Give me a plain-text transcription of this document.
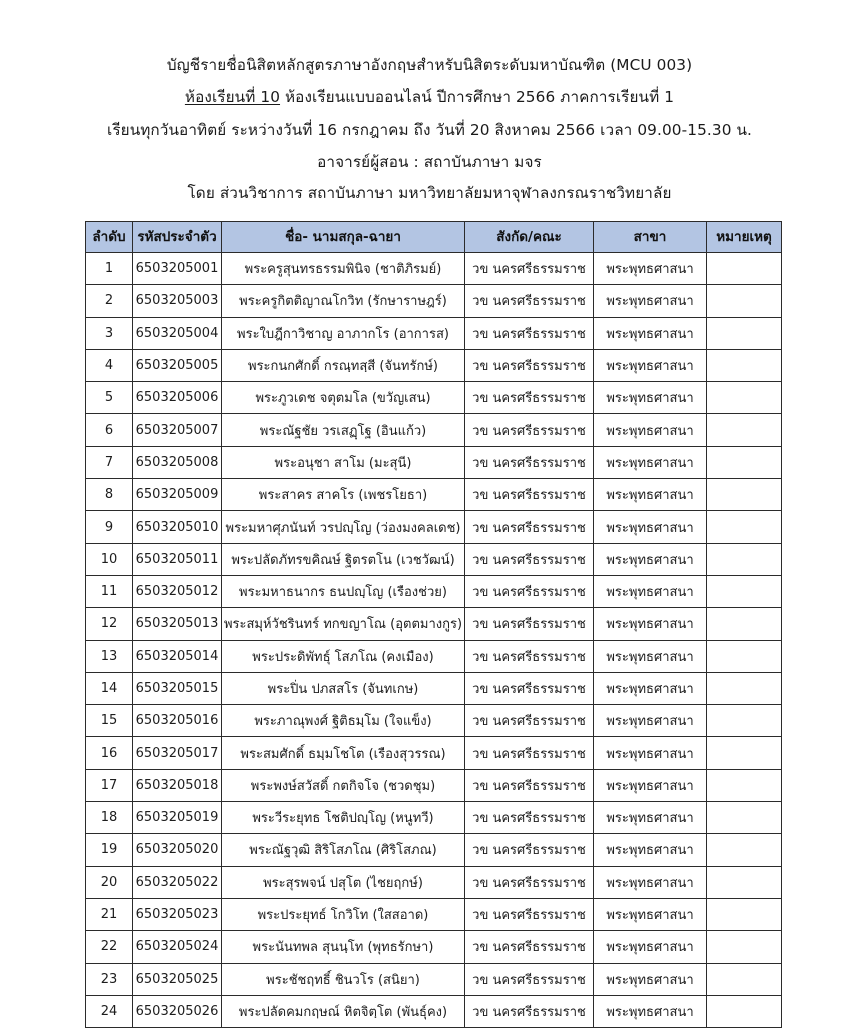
บัญชีรายชื่อนิสิตหลักสูตรภาษาอังกฤษสำหรับนิสิตระดับมหาบัณฑิต (MCU 003)
ห้องเรียนที่ 10 ห้องเรียนแบบออนไลน์ ปีการศึกษา 2566 ภาคการเรียนที่ 1
เรียนทุกวันอาทิตย์ ระหว่างวันที่ 16 กรกฎาคม ถึง วันที่ 20 สิงหาคม 2566 เวลา 09.00-15.30 น.
อาจารย์ผู้สอน : สถาบันภาษา มจร
โดย ส่วนวิชาการ สถาบันภาษา มหาวิทยาลัยมหาจุฬาลงกรณราชวิทยาลัย
ลำดับ	รหัสประจำตัว	ชื่อ- นามสกุล-ฉายา	สังกัด/คณะ	สาขา	หมายเหตุ
1	6503205001	พระครูสุนทรธรรมพินิจ (ชาติภิรมย์)	วข นครศรีธรรมราช	พระพุทธศาสนา	
2	6503205003	พระครูกิตติญาณโกวิท (รักษาราษฎร์)	วข นครศรีธรรมราช	พระพุทธศาสนา	
3	6503205004	พระใบฎีกาวิชาญ อาภากโร (อาการส)	วข นครศรีธรรมราช	พระพุทธศาสนา	
4	6503205005	พระกนกศักดิ์ กรณฺทสฺสี (จันทรักษ์)	วข นครศรีธรรมราช	พระพุทธศาสนา	
5	6503205006	พระภูวเดช จตุตมโล (ขวัญเสน)	วข นครศรีธรรมราช	พระพุทธศาสนา	
6	6503205007	พระณัฐชัย วรเสฏฺโฐ (อินแก้ว)	วข นครศรีธรรมราช	พระพุทธศาสนา	
7	6503205008	พระอนุชา สาโม (มะสุนี)	วข นครศรีธรรมราช	พระพุทธศาสนา	
8	6503205009	พระสาคร สาคโร (เพชรโยธา)	วข นครศรีธรรมราช	พระพุทธศาสนา	
9	6503205010	พระมหาศุภนันท์ วรปญฺโญ (ว่องมงคลเดช)	วข นครศรีธรรมราช	พระพุทธศาสนา	
10	6503205011	พระปลัดภัทรขคิณษ์ ฐิตรตโน (เวชวัฒน์)	วข นครศรีธรรมราช	พระพุทธศาสนา	
11	6503205012	พระมหาธนากร ธนปญฺโญ (เรืองช่วย)	วข นครศรีธรรมราช	พระพุทธศาสนา	
12	6503205013	พระสมุห์วัชรินทร์ ทกขญาโณ (อุตตมางกูร)	วข นครศรีธรรมราช	พระพุทธศาสนา	
13	6503205014	พระประดิพัทธุ์ โสภโณ (คงเมือง)	วข นครศรีธรรมราช	พระพุทธศาสนา	
14	6503205015	พระปิ่น ปภสสโร (จันทเกษ)	วข นครศรีธรรมราช	พระพุทธศาสนา	
15	6503205016	พระภาณุพงศ์ ฐิติธมฺโม (ใจแข็ง)	วข นครศรีธรรมราช	พระพุทธศาสนา	
16	6503205017	พระสมศักดิ์ ธมฺมโชโต (เรืองสุวรรณ)	วข นครศรีธรรมราช	พระพุทธศาสนา	
17	6503205018	พระพงษ์สวัสดิ์ กตกิจโจ (ชวดชุม)	วข นครศรีธรรมราช	พระพุทธศาสนา	
18	6503205019	พระวีระยุทธ โชติปญฺโญ (หนูทวี)	วข นครศรีธรรมราช	พระพุทธศาสนา	
19	6503205020	พระณัฐวุฒิ สิริโสภโณ (ศิริโสภณ)	วข นครศรีธรรมราช	พระพุทธศาสนา	
20	6503205022	พระสุรพจน์ ปสุโต (ไชยฤกษ์)	วข นครศรีธรรมราช	พระพุทธศาสนา	
21	6503205023	พระประยุทธ์ โกวิโท (ใสสอาด)	วข นครศรีธรรมราช	พระพุทธศาสนา	
22	6503205024	พระนันทพล สุนนฺโท (พุทธรักษา)	วข นครศรีธรรมราช	พระพุทธศาสนา	
23	6503205025	พระชัชฤทธิ์ ชินวโร (สนิยา)	วข นครศรีธรรมราช	พระพุทธศาสนา	
24	6503205026	พระปลัดคมกฤษณ์ หิตจิตฺโต (พันธุ์คง)	วข นครศรีธรรมราช	พระพุทธศาสนา	
